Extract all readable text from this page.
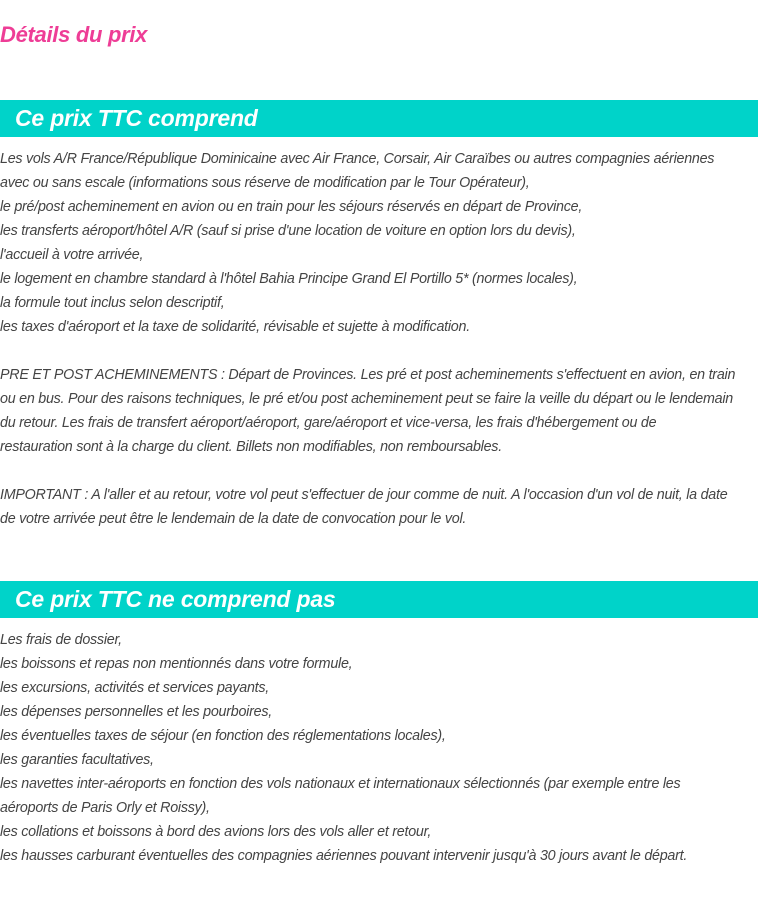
Détails du prix
Ce prix TTC comprend
Les vols A/R France/République Dominicaine avec Air France, Corsair, Air Caraïbes ou autres compagnies aériennes
avec ou sans escale (informations sous réserve de modification par le Tour Opérateur),
le pré/post acheminement en avion ou en train pour les séjours réservés en départ de Province,
les transferts aéroport/hôtel A/R (sauf si prise d'une location de voiture en option lors du devis),
l'accueil à votre arrivée,
le logement en chambre standard à l'hôtel Bahia Principe Grand El Portillo 5* (normes locales),
la formule tout inclus selon descriptif,
les taxes d'aéroport et la taxe de solidarité, révisable et sujette à modification.
PRE ET POST ACHEMINEMENTS : Départ de Provinces. Les pré et post acheminements s'effectuent en avion, en train
ou en bus. Pour des raisons techniques, le pré et/ou post acheminement peut se faire la veille du départ ou le lendemain
du retour. Les frais de transfert aéroport/aéroport, gare/aéroport et vice-versa, les frais d'hébergement ou de
restauration sont à la charge du client. Billets non modifiables, non remboursables.
IMPORTANT : A l'aller et au retour, votre vol peut s'effectuer de jour comme de nuit. A l'occasion d'un vol de nuit, la date
de votre arrivée peut être le lendemain de la date de convocation pour le vol.
Ce prix TTC ne comprend pas
Les frais de dossier,
les boissons et repas non mentionnés dans votre formule,
les excursions, activités et services payants,
les dépenses personnelles et les pourboires,
les éventuelles taxes de séjour (en fonction des réglementations locales),
les garanties facultatives,
les navettes inter-aéroports en fonction des vols nationaux et internationaux sélectionnés (par exemple entre les
aéroports de Paris Orly et Roissy),
les collations et boissons à bord des avions lors des vols aller et retour,
les hausses carburant éventuelles des compagnies aériennes pouvant intervenir jusqu'à 30 jours avant le départ.
